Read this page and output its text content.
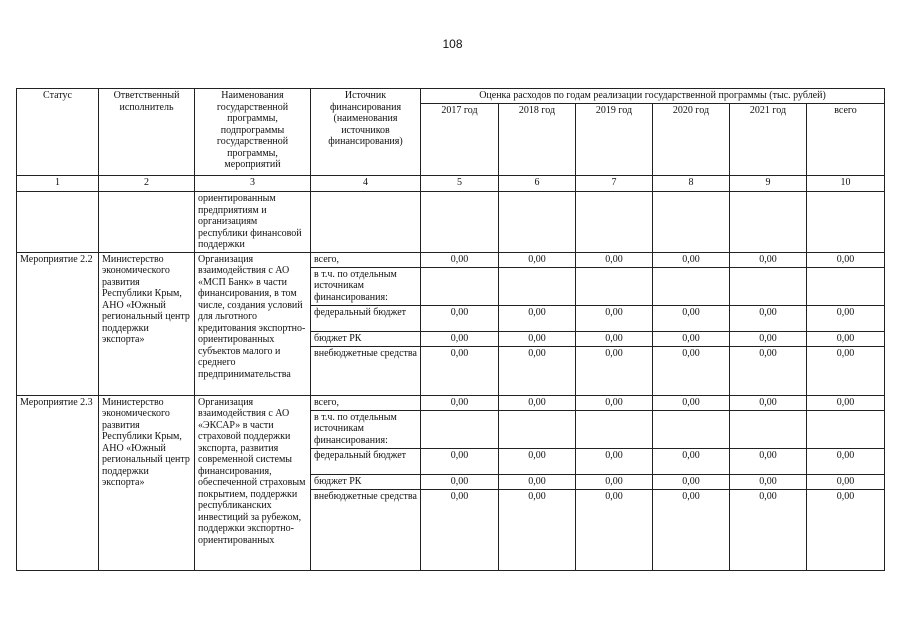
108
Статус	Ответственный исполнитель	Наименования государственной программы, подпрограммы государственной программы, мероприятий	Источник финансирования (наименования источников финансирования)	Оценка расходов по годам реализации государственной программы (тыс. рублей)					
				2017 год	2018 год	2019 год	2020 год	2021 год	всего
1	2	3	4	5	6	7	8	9	10
		ориентированным предприятиям и организациям республики финансовой поддержки							
Мероприятие 2.2	Министерство экономического развития Республики Крым, АНО «Южный региональный центр поддержки экспорта»	Организация взаимодействия с АО «МСП Банк» в части финансирования, в том числе, создания условий для льготного кредитования экспортно-ориентированных субъектов малого и среднего предпринимательства	всего,	0,00	0,00	0,00	0,00	0,00	0,00
			в т.ч. по отдельным источникам финансирования:						
			федеральный бюджет	0,00	0,00	0,00	0,00	0,00	0,00
			бюджет РК	0,00	0,00	0,00	0,00	0,00	0,00
			внебюджетные средства	0,00	0,00	0,00	0,00	0,00	0,00
Мероприятие 2.3	Министерство экономического развития Республики Крым, АНО «Южный региональный центр поддержки экспорта»	Организация взаимодействия с АО «ЭКСАР» в части страховой поддержки экспорта, развития современной системы финансирования, обеспеченной страховым покрытием, поддержки республиканских инвестиций за рубежом, поддержки экспортно-ориентированных	всего,	0,00	0,00	0,00	0,00	0,00	0,00
			в т.ч. по отдельным источникам финансирования:						
			федеральный бюджет	0,00	0,00	0,00	0,00	0,00	0,00
			бюджет РК	0,00	0,00	0,00	0,00	0,00	0,00
			внебюджетные средства	0,00	0,00	0,00	0,00	0,00	0,00
